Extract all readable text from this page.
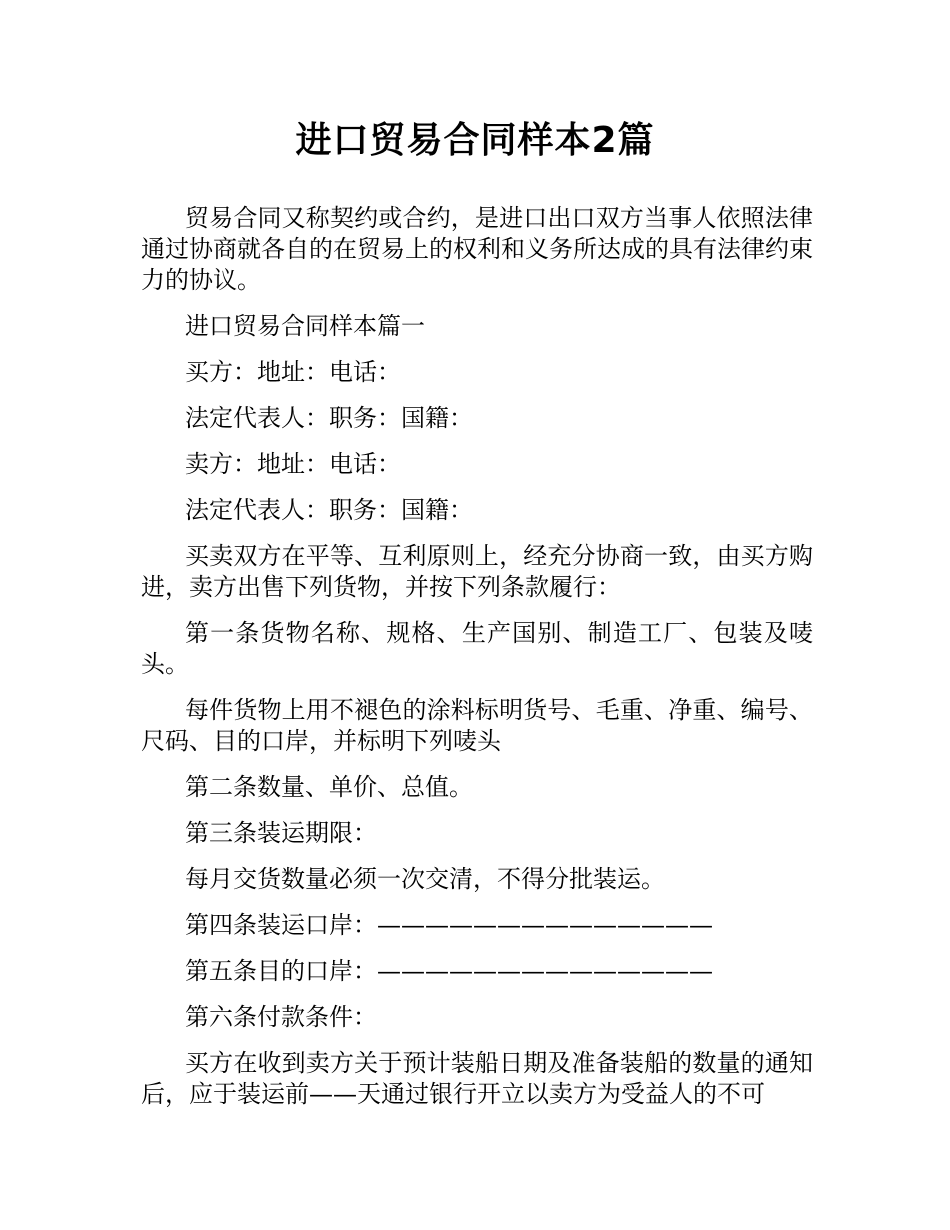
进口贸易合同样本2篇

贸易合同又称契约或合约，是进口出口双方当事人依照法律通过协商就各自的在贸易上的权利和义务所达成的具有法律约束力的协议。

进口贸易合同样本篇一

买方：地址：电话：

法定代表人：职务：国籍：

卖方：地址：电话：

法定代表人：职务：国籍：

买卖双方在平等、互利原则上，经充分协商一致，由买方购进，卖方出售下列货物，并按下列条款履行：

第一条货物名称、规格、生产国别、制造工厂、包装及唛头。

每件货物上用不褪色的涂料标明货号、毛重、净重、编号、尺码、目的口岸，并标明下列唛头

第二条数量、单价、总值。

第三条装运期限：

每月交货数量必须一次交清，不得分批装运。

第四条装运口岸：——————————————

第五条目的口岸：——————————————

第六条付款条件：

买方在收到卖方关于预计装船日期及准备装船的数量的通知后，应于装运前——天通过银行开立以卖方为受益人的不可
